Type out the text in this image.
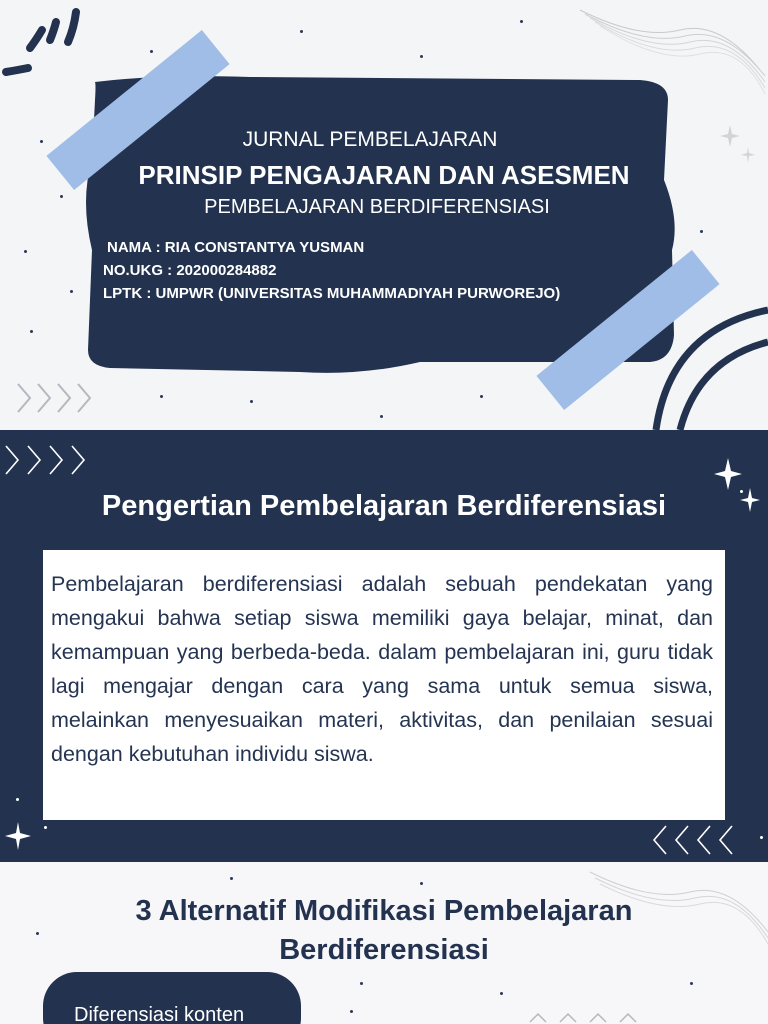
JURNAL PEMBELAJARAN
PRINSIP PENGAJARAN DAN ASESMEN
PEMBELAJARAN BERDIFERENSIASI
NAMA : RIA CONSTANTYA YUSMAN
NO.UKG : 202000284882
LPTK : UMPWR (UNIVERSITAS MUHAMMADIYAH PURWOREJO)
Pengertian Pembelajaran Berdiferensiasi
Pembelajaran berdiferensiasi adalah sebuah pendekatan yang mengakui bahwa setiap siswa memiliki gaya belajar, minat, dan kemampuan yang berbeda-beda. dalam pembelajaran ini, guru tidak lagi mengajar dengan cara yang sama untuk semua siswa, melainkan menyesuaikan materi, aktivitas, dan penilaian sesuai dengan kebutuhan individu siswa.
3 Alternatif Modifikasi Pembelajaran
Berdiferensiasi
Diferensiasi konten
